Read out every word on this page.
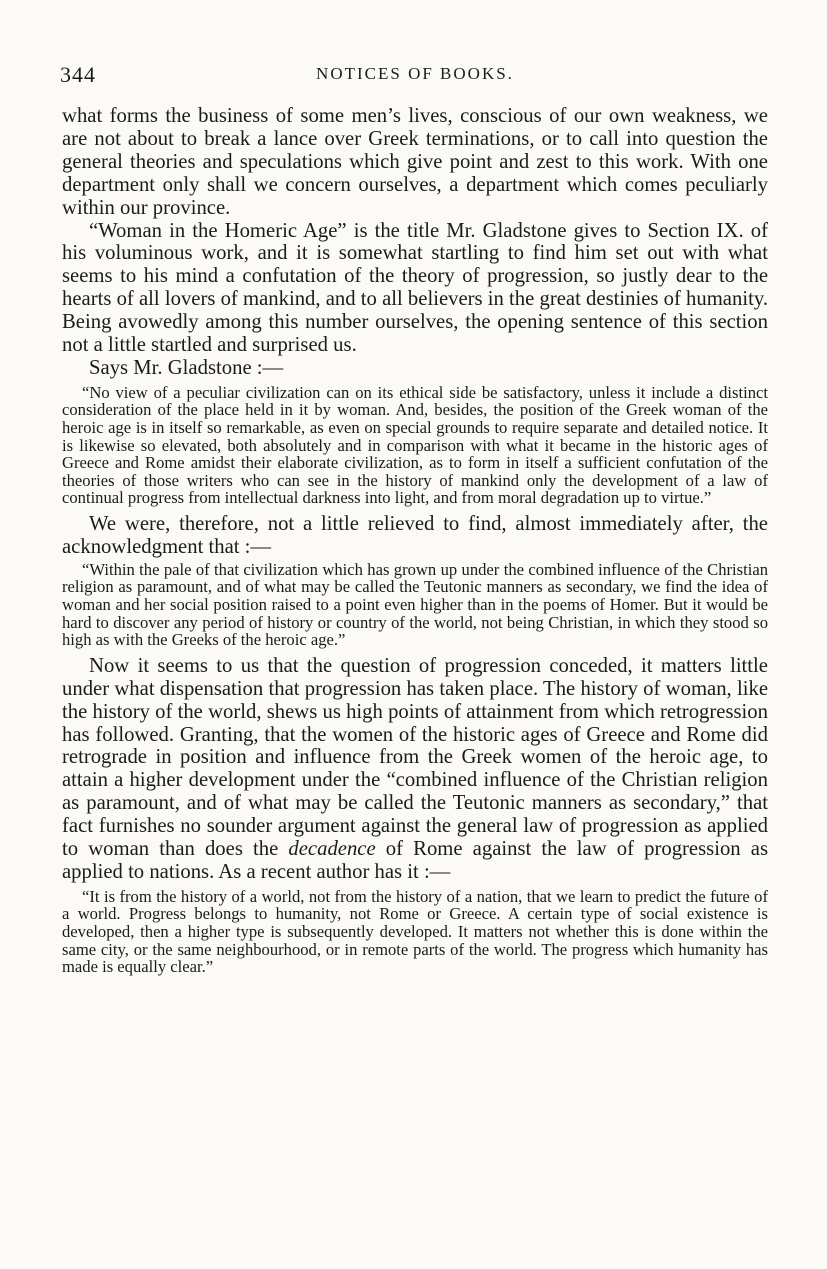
344	NOTICES OF BOOKS.

what forms the business of some men’s lives, conscious of our own weakness, we are not about to break a lance over Greek terminations, or to call into question the general theories and speculations which give point and zest to this work. With one department only shall we concern ourselves, a department which comes peculiarly within our province.

“Woman in the Homeric Age” is the title Mr. Gladstone gives to Section IX. of his voluminous work, and it is somewhat startling to find him set out with what seems to his mind a confutation of the theory of progression, so justly dear to the hearts of all lovers of mankind, and to all believers in the great destinies of humanity. Being avowedly among this number ourselves, the opening sentence of this section not a little startled and surprised us.

Says Mr. Gladstone :—

“No view of a peculiar civilization can on its ethical side be satisfactory, unless it include a distinct consideration of the place held in it by woman. And, besides, the position of the Greek woman of the heroic age is in itself so remarkable, as even on special grounds to require separate and detailed notice. It is likewise so elevated, both absolutely and in comparison with what it became in the historic ages of Greece and Rome amidst their elaborate civilization, as to form in itself a sufficient confutation of the theories of those writers who can see in the history of mankind only the development of a law of continual progress from intellectual darkness into light, and from moral degradation up to virtue.”

We were, therefore, not a little relieved to find, almost immediately after, the acknowledgment that :—

“Within the pale of that civilization which has grown up under the combined influence of the Christian religion as paramount, and of what may be called the Teutonic manners as secondary, we find the idea of woman and her social position raised to a point even higher than in the poems of Homer. But it would be hard to discover any period of history or country of the world, not being Christian, in which they stood so high as with the Greeks of the heroic age.”

Now it seems to us that the question of progression conceded, it matters little under what dispensation that progression has taken place. The history of woman, like the history of the world, shews us high points of attainment from which retrogression has followed. Granting, that the women of the historic ages of Greece and Rome did retrograde in position and influence from the Greek women of the heroic age, to attain a higher development under the “combined influence of the Christian religion as paramount, and of what may be called the Teutonic manners as secondary,” that fact furnishes no sounder argument against the general law of progression as applied to woman than does the decadence of Rome against the law of progression as applied to nations. As a recent author has it :—

“It is from the history of a world, not from the history of a nation, that we learn to predict the future of a world. Progress belongs to humanity, not Rome or Greece. A certain type of social existence is developed, then a higher type is subsequently developed. It matters not whether this is done within the same city, or the same neighbourhood, or in remote parts of the world. The progress which humanity has made is equally clear.”
